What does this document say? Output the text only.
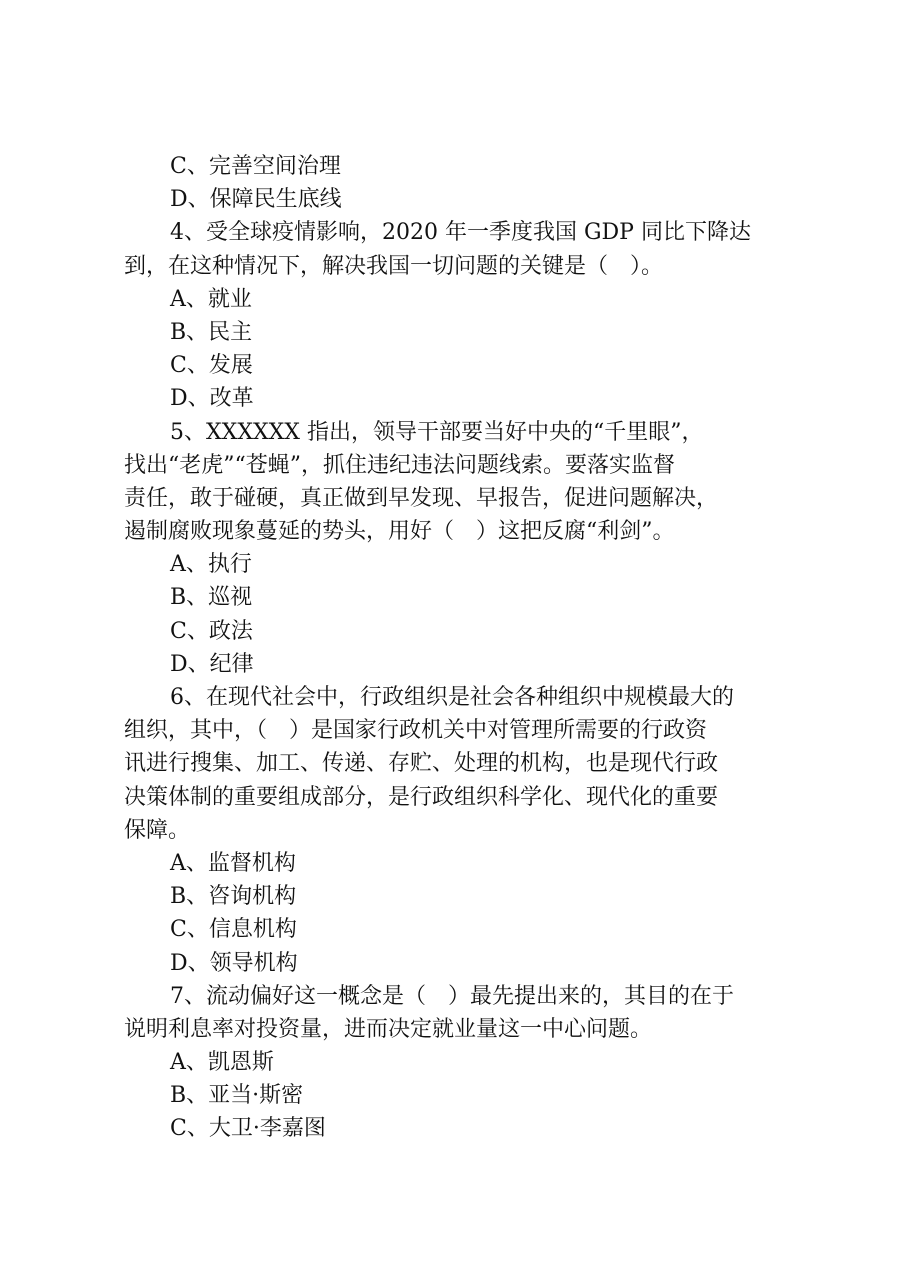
C、完善空间治理
D、保障民生底线
4、受全球疫情影响，2020 年一季度我国 GDP 同比下降达
到，在这种情况下，解决我国一切问题的关键是（　）。
A、就业
B、民主
C、发展
D、改革
5、XXXXXX 指出，领导干部要当好中央的“千里眼”，
找出“老虎”“苍蝇”，抓住违纪违法问题线索。要落实监督
责任，敢于碰硬，真正做到早发现、早报告，促进问题解决，
遏制腐败现象蔓延的势头，用好（　）这把反腐“利剑”。
A、执行
B、巡视
C、政法
D、纪律
6、在现代社会中，行政组织是社会各种组织中规模最大的
组织，其中，（　）是国家行政机关中对管理所需要的行政资
讯进行搜集、加工、传递、存贮、处理的机构，也是现代行政
决策体制的重要组成部分，是行政组织科学化、现代化的重要
保障。
A、监督机构
B、咨询机构
C、信息机构
D、领导机构
7、流动偏好这一概念是（　）最先提出来的，其目的在于
说明利息率对投资量，进而决定就业量这一中心问题。
A、凯恩斯
B、亚当·斯密
C、大卫·李嘉图
